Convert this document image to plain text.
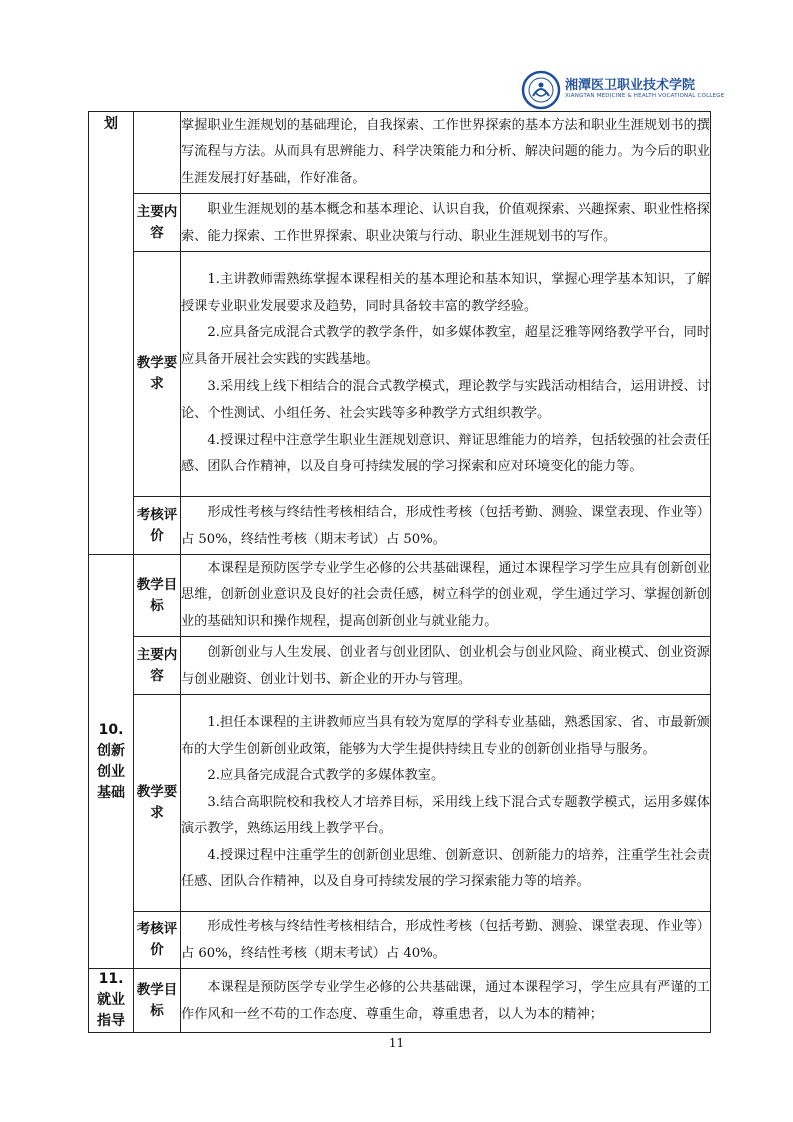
湘潭医卫职业技术学院
XIANGTAN MEDICINE & HEALTH VOCATIONAL COLLEGE
划		掌握职业生涯规划的基础理论，自我探索、工作世界探索的基本方法和职业生涯规划书的撰写流程与方法。从而具有思辨能力、科学决策能力和分析、解决问题的能力。为今后的职业生涯发展打好基础，作好准备。

	主要内容	职业生涯规划的基本概念和基本理论、认识自我，价值观探索、兴趣探索、职业性格探索、能力探索、工作世界探索、职业决策与行动、职业生涯规划书的写作。

	教学要求	1.主讲教师需熟练掌握本课程相关的基本理论和基本知识，掌握心理学基本知识，了解授课专业职业发展要求及趋势，同时具备较丰富的教学经验。

2.应具备完成混合式教学的教学条件，如多媒体教室，超星泛雅等网络教学平台，同时应具备开展社会实践的实践基地。

3.采用线上线下相结合的混合式教学模式，理论教学与实践活动相结合，运用讲授、讨论、个性测试、小组任务、社会实践等多种教学方式组织教学。

4.授课过程中注意学生职业生涯规划意识、辩证思维能力的培养，包括较强的社会责任感、团队合作精神，以及自身可持续发展的学习探索和应对环境变化的能力等。

	考核评价	形成性考核与终结性考核相结合，形成性考核（包括考勤、测验、课堂表现、作业等）占 50%，终结性考核（期末考试）占 50%。

10.创新创业基础	教学目标	本课程是预防医学专业学生必修的公共基础课程，通过本课程学习学生应具有创新创业思维，创新创业意识及良好的社会责任感，树立科学的创业观，学生通过学习、掌握创新创业的基础知识和操作规程，提高创新创业与就业能力。

	主要内容	创新创业与人生发展、创业者与创业团队、创业机会与创业风险、商业模式、创业资源与创业融资、创业计划书、新企业的开办与管理。

	教学要求	1.担任本课程的主讲教师应当具有较为宽厚的学科专业基础，熟悉国家、省、市最新颁布的大学生创新创业政策，能够为大学生提供持续且专业的创新创业指导与服务。

2.应具备完成混合式教学的多媒体教室。

3.结合高职院校和我校人才培养目标，采用线上线下混合式专题教学模式，运用多媒体演示教学，熟练运用线上教学平台。

4.授课过程中注重学生的创新创业思维、创新意识、创新能力的培养，注重学生社会责任感、团队合作精神，以及自身可持续发展的学习探索能力等的培养。

	考核评价	形成性考核与终结性考核相结合，形成性考核（包括考勤、测验、课堂表现、作业等）占 60%，终结性考核（期末考试）占 40%。

11.就业指导	教学目标	本课程是预防医学专业学生必修的公共基础课，通过本课程学习，学生应具有严谨的工作作风和一丝不苟的工作态度、尊重生命，尊重患者，以人为本的精神；

11
